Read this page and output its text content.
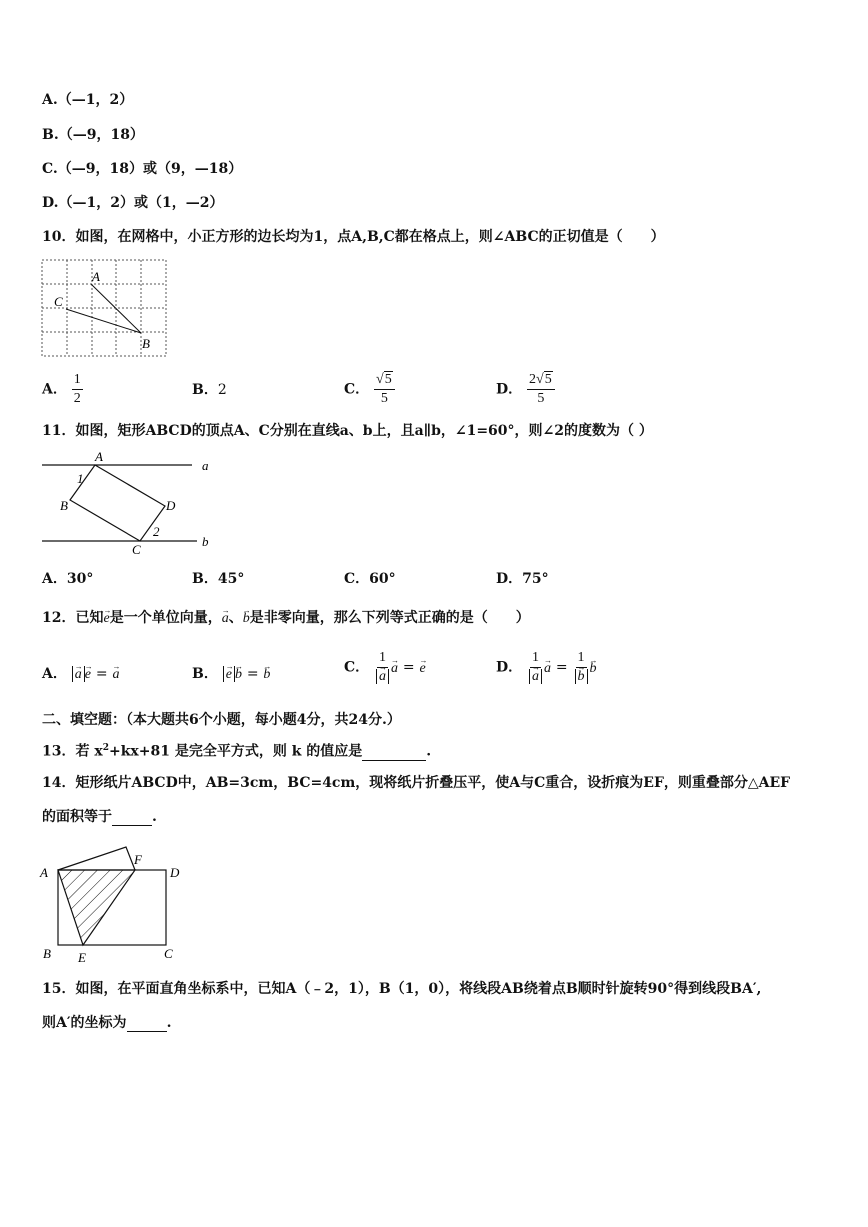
A.（—1，2）
B.（—9，18）
C.（—9，18）或（9，—18）
D.（—1，2）或（1，—2）
10．如图，在网格中，小正方形的边长均为1，点A,B,C都在格点上，则∠ABC的正切值是（　　）
A
C
B
A． $\frac{1}{2}$	B．2	C． $\frac{√5}{5}$	D． $\frac{2√5}{5}$
11．如图，矩形ABCD的顶点A、C分别在直线a、b上，且a∥b，∠1=60°，则∠2的度数为（ ）
a
b
A
B
C
D
1
2
A．30°	B．45°	C．60°	D．75°
12．已知→ e是一个单位向量，→ a、→ b是非零向量，那么下列等式正确的是（　　）
A． → a → e = → a	B． → e → b = → b	C． 1
→ a → a = → e	D． 1
→ a → a = 1
→ b → b
二、填空题：（本大题共6个小题，每小题4分，共24分.）
13．若 $x^2+kx+81$ 是完全平方式，则 k 的值应是	.
14．矩形纸片ABCD中，AB=3cm，BC=4cm，现将纸片折叠压平，使A与C重合，设折痕为EF，则重叠部分△AEF
的面积等于	.
A
F
D
B E	C
15．如图，在平面直角坐标系中，已知A（﹣2，1），B（1，0），将线段AB绕着点B顺时针旋转90°得到线段BA′,
则A′的坐标为	.
